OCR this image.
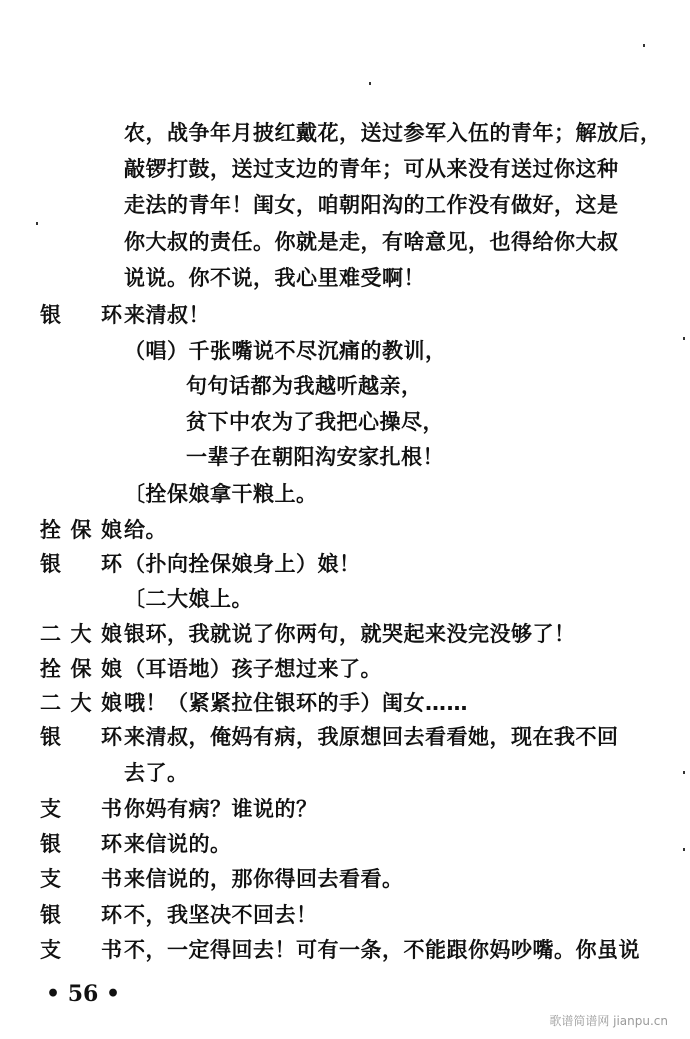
银 环
拴 保 娘
银 环
二 大 娘
拴 保 娘
二 大 娘
银 环
支 书
银 环
支 书
银 环
支 书
农，战争年月披红戴花，送过参军入伍的青年；解放后，
敲锣打鼓，送过支边的青年；可从来没有送过你这种
走法的青年！闺女，咱朝阳沟的工作没有做好，这是
你大叔的责任。你就是走，有啥意见，也得给你大叔
说说。你不说，我心里难受啊！
来清叔！
（唱）千张嘴说不尽沉痛的教训，
句句话都为我越听越亲，
贫下中农为了我把心操尽，
一辈子在朝阳沟安家扎根！
〔拴保娘拿干粮上。
给。
（扑向拴保娘身上）娘！
〔二大娘上。
银环，我就说了你两句，就哭起来没完没够了！
（耳语地）孩子想过来了。
哦！（紧紧拉住银环的手）闺女……
来清叔，俺妈有病，我原想回去看看她，现在我不回
去了。
你妈有病？谁说的？
来信说的。
来信说的，那你得回去看看。
不，我坚决不回去！
不，一定得回去！可有一条，不能跟你妈吵嘴。你虽说
• 56 •
歌谱简谱网 jianpu.cn
